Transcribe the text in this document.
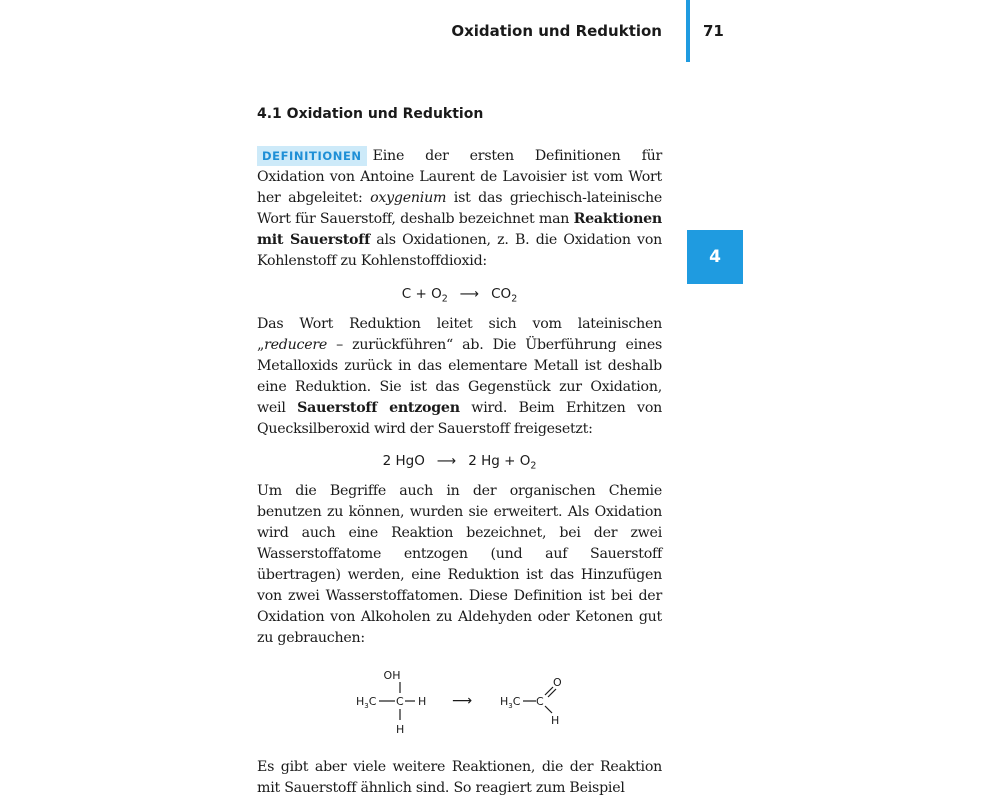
Oxidation und Reduktion	71
4
4.1 Oxidation und Reduktion

DEFINITIONEN Eine der ersten Definitionen für Oxidation von Antoine Laurent de Lavoisier ist vom Wort her abgeleitet: oxygenium ist das griechisch-lateinische Wort für Sauerstoff, deshalb bezeichnet man Reaktionen mit Sauerstoff als Oxidationen, z. B. die Oxidation von Kohlenstoff zu Kohlenstoffdioxid:

$C + O_2$ ⟶ $CO_2$

Das Wort Reduktion leitet sich vom lateinischen „reducere – zurückführen“ ab. Die Überführung eines Metalloxids zurück in das elementare Metall ist deshalb eine Reduktion. Sie ist das Gegenstück zur Oxidation, weil Sauerstoff entzogen wird. Beim Erhitzen von Quecksilberoxid wird der Sauerstoff freigesetzt:

2 HgO ⟶ 2 $Hg + O_2$

Um die Begriffe auch in der organischen Chemie benutzen zu können, wurden sie erweitert. Als Oxidation wird auch eine Reaktion bezeichnet, bei der zwei Wasserstoffatome entzogen (und auf Sauerstoff übertragen) werden, eine Reduktion ist das Hinzufügen von zwei Wasserstoffatomen. Diese Definition ist bei der Oxidation von Alkoholen zu Aldehyden oder Ketonen gut zu gebrauchen:

OH
$H_3C$ C H
H
⟶	$H_3C$ C
O
H

Es gibt aber viele weitere Reaktionen, die der Reaktion mit Sauerstoff ähnlich sind. So reagiert zum Beispiel
